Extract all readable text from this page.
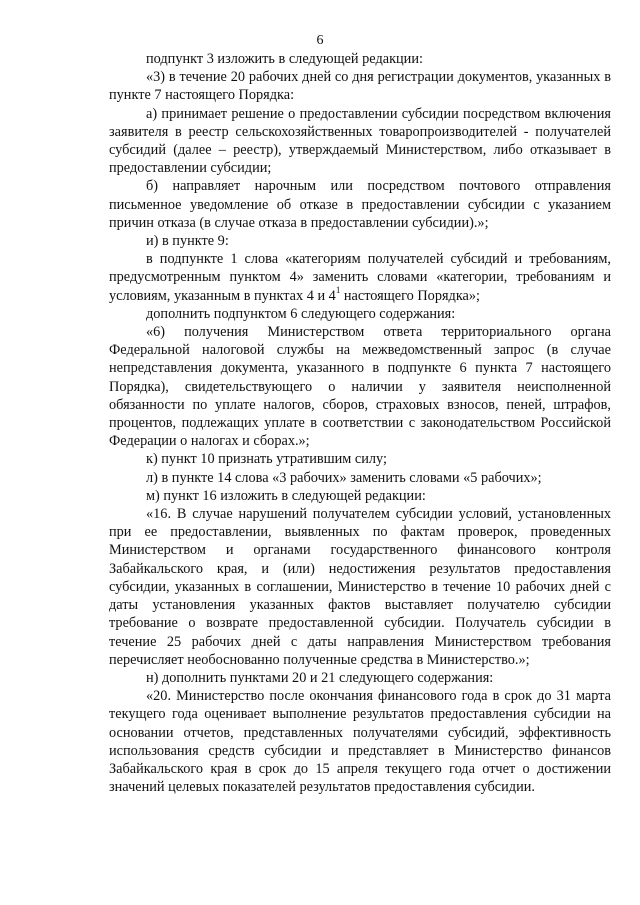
6

подпункт 3 изложить в следующей редакции:

«3) в течение 20 рабочих дней со дня регистрации документов, указанных в пункте 7 настоящего Порядка:

а) принимает решение о предоставлении субсидии посредством включения заявителя в реестр сельскохозяйственных товаропроизводителей - получателей субсидий (далее – реестр), утверждаемый Министерством, либо отказывает в предоставлении субсидии;

б) направляет нарочным или посредством почтового отправления письменное уведомление об отказе в предоставлении субсидии с указанием причин отказа (в случае отказа в предоставлении субсидии).»;

и) в пункте 9:

в подпункте 1 слова «категориям получателей субсидий и требованиям, предусмотренным пунктом 4» заменить словами «категории, требованиям и условиям, указанным в пунктах 4 и $4^1$ настоящего Порядка»;

дополнить подпунктом 6 следующего содержания:

«6) получения Министерством ответа территориального органа Федеральной налоговой службы на межведомственный запрос (в случае непредставления документа, указанного в подпункте 6 пункта 7 настоящего Порядка), свидетельствующего о наличии у заявителя неисполненной обязанности по уплате налогов, сборов, страховых взносов, пеней, штрафов, процентов, подлежащих уплате в соответствии с законодательством Российской Федерации о налогах и сборах.»;

к) пункт 10 признать утратившим силу;

л) в пункте 14 слова «3 рабочих» заменить словами «5 рабочих»;

м) пункт 16 изложить в следующей редакции:

«16. В случае нарушений получателем субсидии условий, установленных при ее предоставлении, выявленных по фактам проверок, проведенных Министерством и органами государственного финансового контроля Забайкальского края, и (или) недостижения результатов предоставления субсидии, указанных в соглашении, Министерство в течение 10 рабочих дней с даты установления указанных фактов выставляет получателю субсидии требование о возврате предоставленной субсидии. Получатель субсидии в течение 25 рабочих дней с даты направления Министерством требования перечисляет необоснованно полученные средства в Министерство.»;

н) дополнить пунктами 20 и 21 следующего содержания:

«20. Министерство после окончания финансового года в срок до 31 марта текущего года оценивает выполнение результатов предоставления субсидии на основании отчетов, представленных получателями субсидий, эффективность использования средств субсидии и представляет в Министерство финансов Забайкальского края в срок до 15 апреля текущего года отчет о достижении значений целевых показателей результатов предоставления субсидии.
